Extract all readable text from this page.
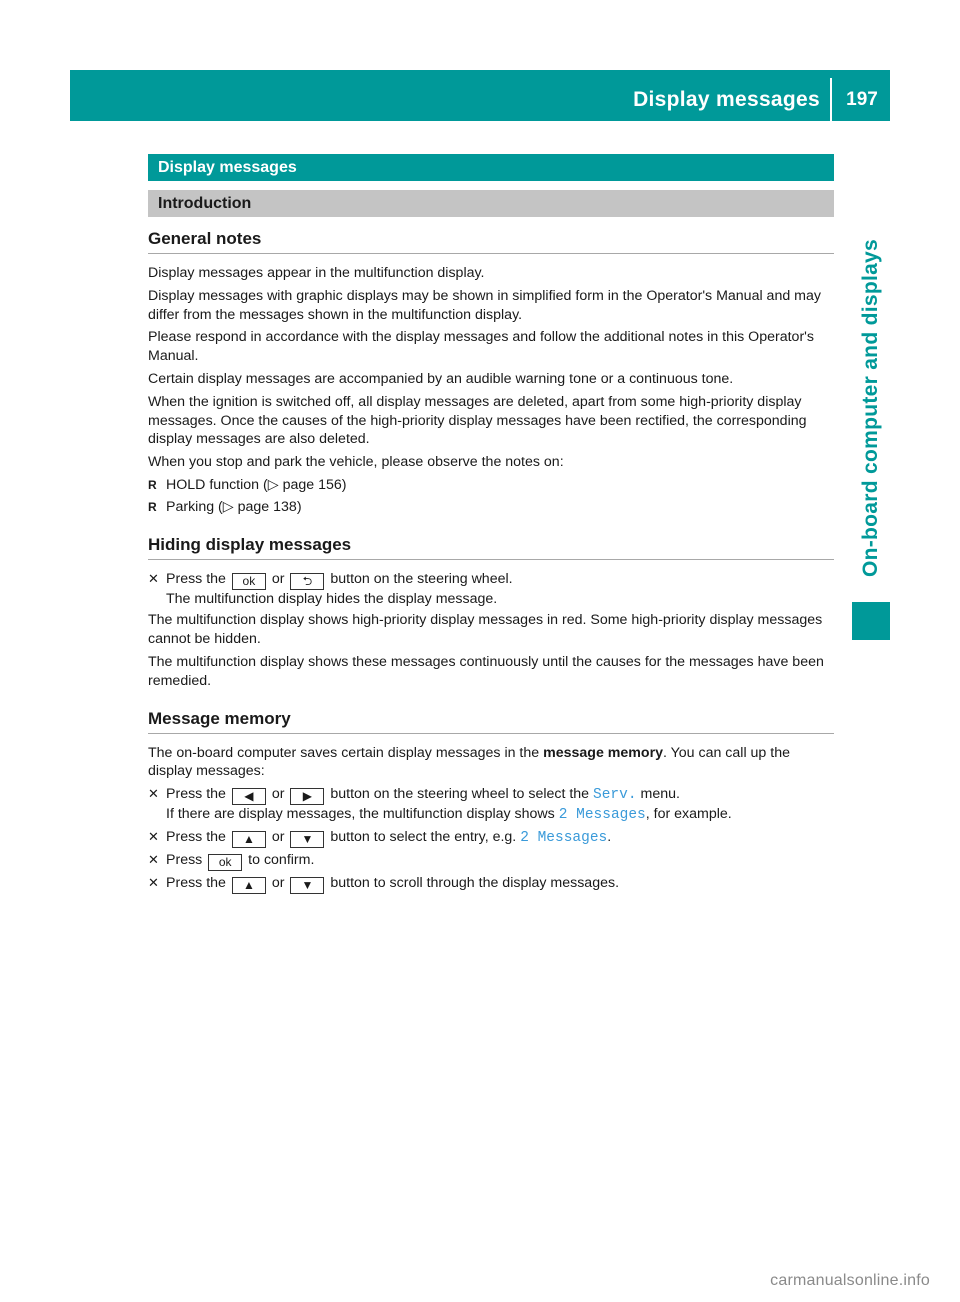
Display messages	197
On-board computer and displays
Display messages
Introduction
General notes

Display messages appear in the multifunction display.

Display messages with graphic displays may be shown in simplified form in the Operator's Manual and may differ from the messages shown in the multifunction display.

Please respond in accordance with the display messages and follow the additional notes in this Operator's Manual.

Certain display messages are accompanied by an audible warning tone or a continuous tone.

When the ignition is switched off, all display messages are deleted, apart from some high-priority display messages. Once the causes of the high-priority display messages have been rectified, the corresponding display messages are also deleted.

When you stop and park the vehicle, please observe the notes on:

R HOLD function (▷ page 156)
R Parking (▷ page 138)
Hiding display messages
✕ Press the ok or ⮌ button on the steering wheel.
The multifunction display hides the display message.

The multifunction display shows high-priority display messages in red. Some high-priority display messages cannot be hidden.

The multifunction display shows these messages continuously until the causes for the messages have been remedied.

Message memory

The on-board computer saves certain display messages in the message memory. You can call up the display messages:

✕ Press the ◀ or ▶ button on the steering wheel to select the Serv. menu.
If there are display messages, the multifunction display shows 2 Messages, for example.
✕ Press the ▲ or ▼ button to select the entry, e.g. 2 Messages.
✕ Press ok to confirm.
✕ Press the ▲ or ▼ button to scroll through the display messages.
carmanualsonline.info
